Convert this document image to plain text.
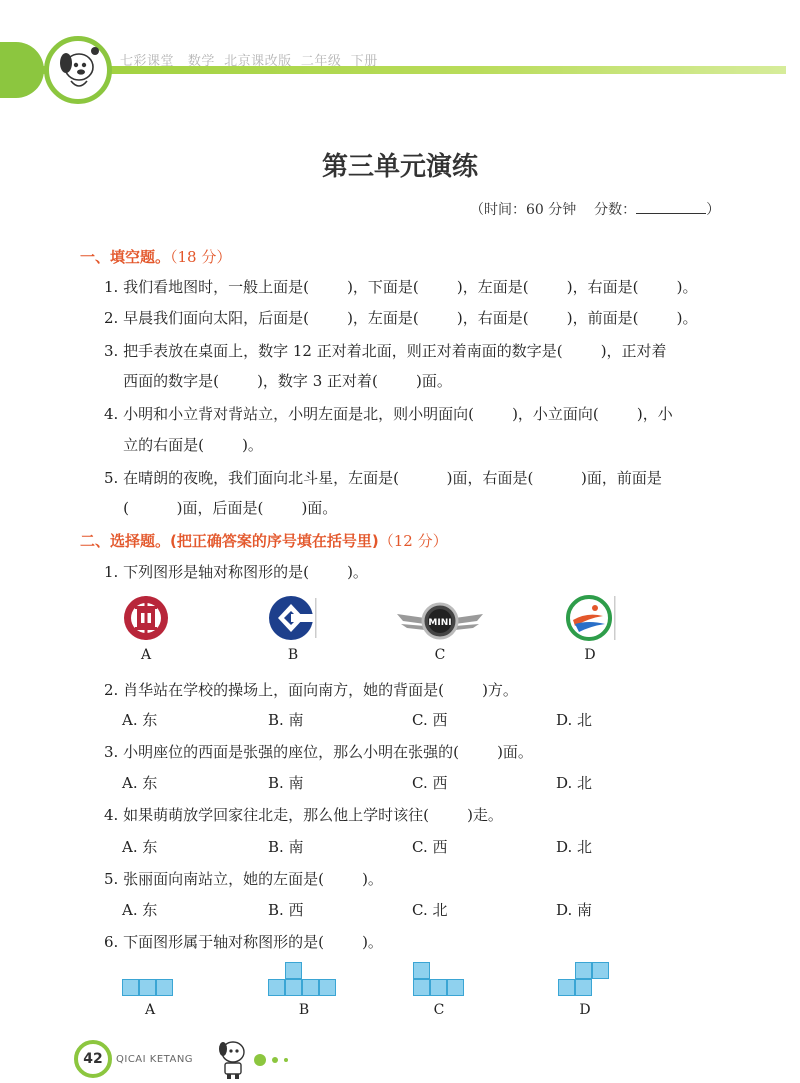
七彩课堂   数学  北京课改版  二年级  下册
第三单元演练
（时间：60 分钟 分数：	）
一、填空题。（18 分）
1. 我们看地图时，一般上面是(        )，下面是(        )，左面是(        )，右面是(        )。
2. 早晨我们面向太阳，后面是(        )，左面是(        )，右面是(        )，前面是(        )。
3. 把手表放在桌面上，数字 12 正对着北面，则正对着南面的数字是(        )，正对着
西面的数字是(        )，数字 3 正对着(        )面。
4. 小明和小立背对背站立，小明左面是北，则小明面向(        )，小立面向(        )，小
立的右面是(        )。
5. 在晴朗的夜晚，我们面向北斗星，左面是(          )面，右面是(          )面，前面是
(          )面，后面是(        )面。
二、选择题。(把正确答案的序号填在括号里)（12 分）
1. 下列图形是轴对称图形的是(        )。
MINI
A	B	C	D
2. 肖华站在学校的操场上，面向南方，她的背面是(        )方。
A. 东	B. 南	C. 西	D. 北
3. 小明座位的西面是张强的座位，那么小明在张强的(        )面。
A. 东	B. 南	C. 西	D. 北
4. 如果萌萌放学回家往北走，那么他上学时该往(        )走。
A. 东	B. 南	C. 西	D. 北
5. 张丽面向南站立，她的左面是(        )。
A. 东	B. 西	C. 北	D. 南
6. 下面图形属于轴对称图形的是(        )。
A	B	C	D
42	QICAI KETANG
